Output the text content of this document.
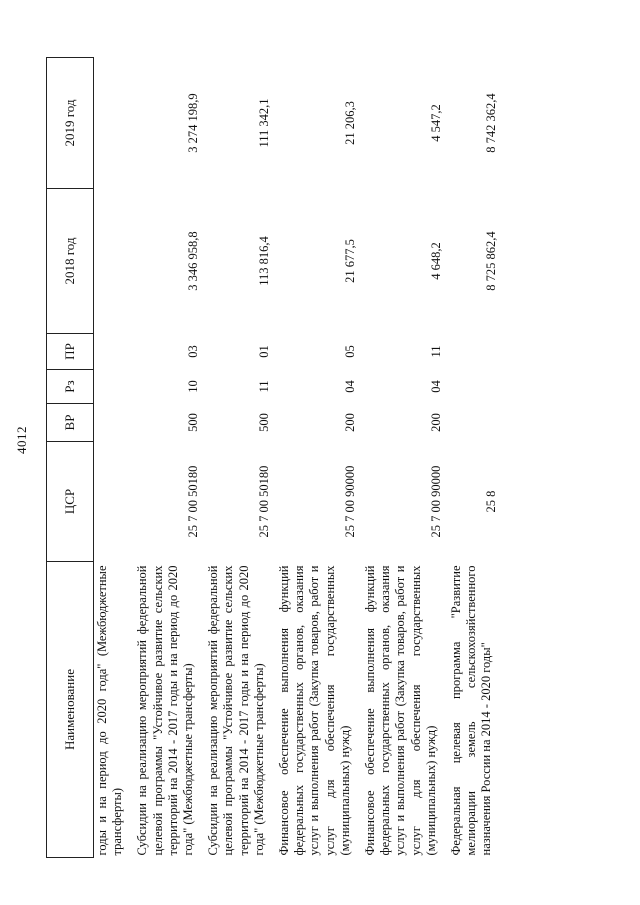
4012
Наименование	ЦСР	ВР	Рз	ПР	2018 год	2019 год
годы и на период до 2020 года" (Межбюджетные трансферты)						
Субсидии на реализацию мероприятий федеральной целевой программы "Устойчивое развитие сельских территорий на 2014 - 2017 годы и на период до 2020 года" (Межбюджетные трансферты)	25 7 00 50180	500	10	03	3 346 958,8	3 274 198,9
Субсидии на реализацию мероприятий федеральной целевой программы "Устойчивое развитие сельских территорий на 2014 - 2017 годы и на период до 2020 года" (Межбюджетные трансферты)	25 7 00 50180	500	11	01	113 816,4	111 342,1
Финансовое обеспечение выполнения функций федеральных государственных органов, оказания услуг и выполнения работ (Закупка товаров, работ и услуг для обеспечения государственных (муниципальных) нужд)	25 7 00 90000	200	04	05	21 677,5	21 206,3
Финансовое обеспечение выполнения функций федеральных государственных органов, оказания услуг и выполнения работ (Закупка товаров, работ и услуг для обеспечения государственных (муниципальных) нужд)	25 7 00 90000	200	04	11	4 648,2	4 547,2
Федеральная целевая программа "Развитие мелиорации земель сельскохозяйственного назначения России на 2014 - 2020 годы"	25 8				8 725 862,4	8 742 362,4
